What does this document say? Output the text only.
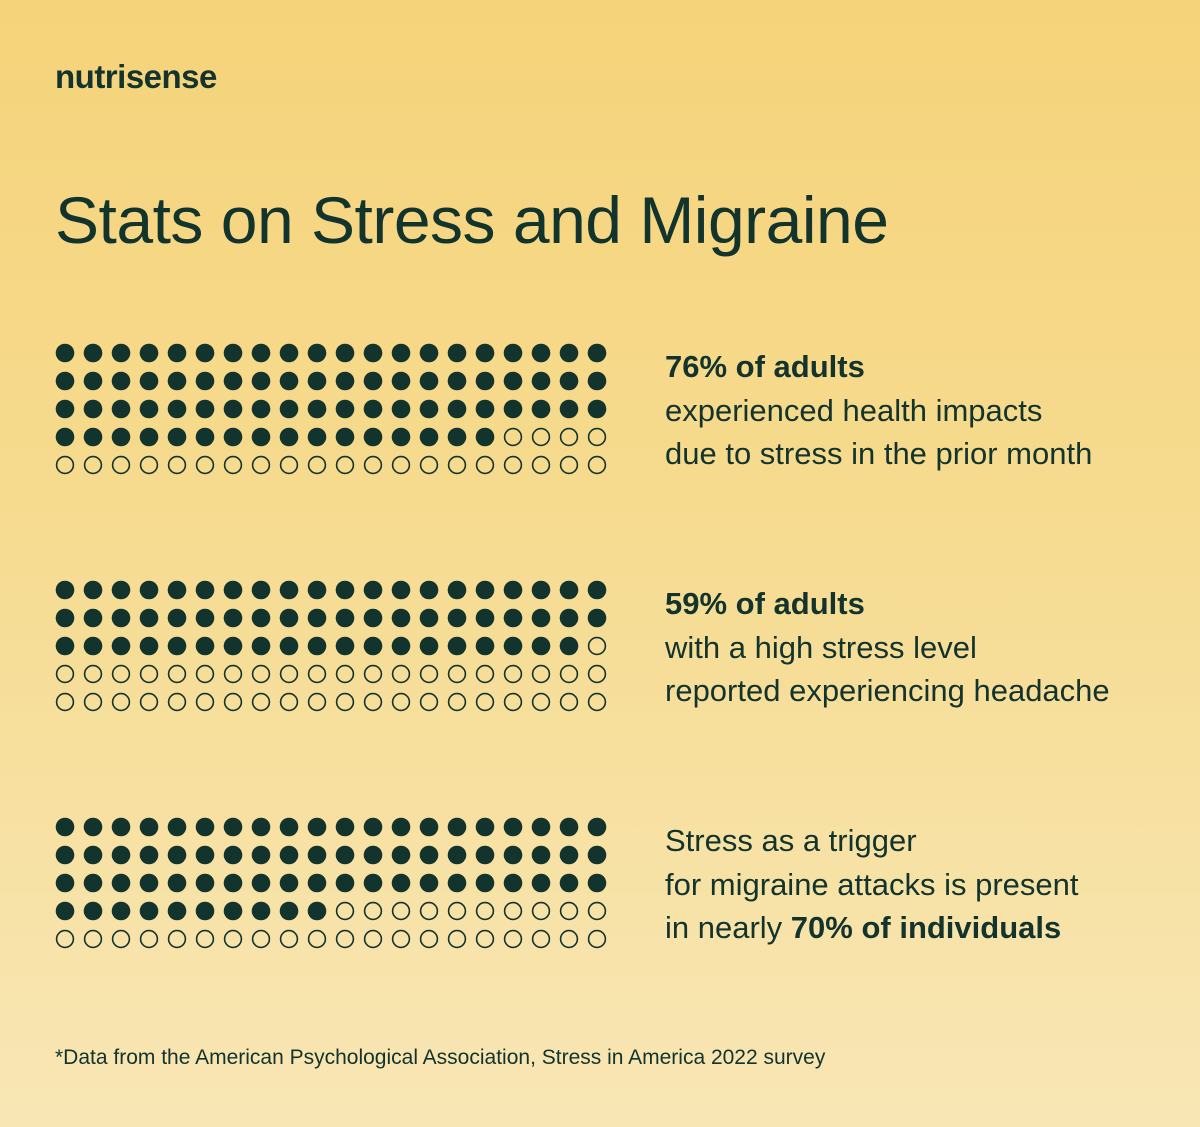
nutrisense
Stats on Stress and Migraine
76% of adults
experienced health impacts
due to stress in the prior month
59% of adults
with a high stress level
reported experiencing headache
Stress as a trigger
for migraine attacks is present
in nearly 70% of individuals
*Data from the American Psychological Association, Stress in America 2022 survey
